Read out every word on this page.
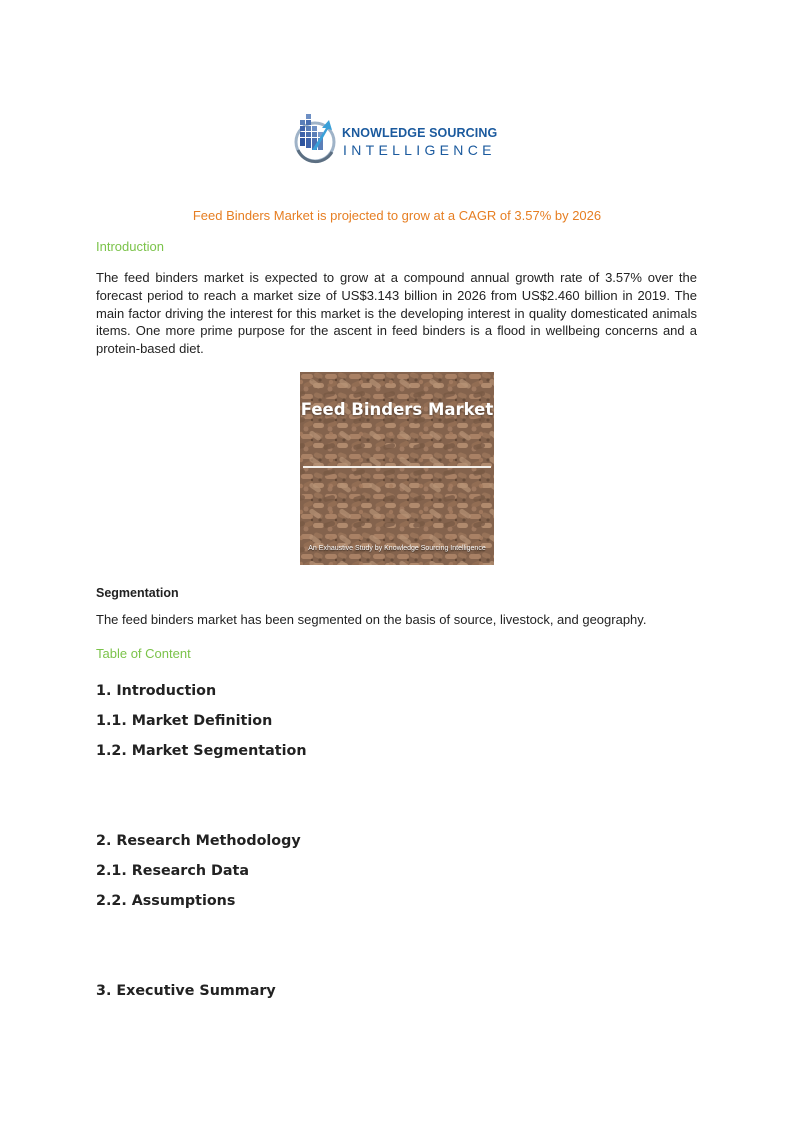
KNOWLEDGE SOURCING
INTELLIGENCE
Feed Binders Market is projected to grow at a CAGR of 3.57% by 2026
Introduction

The feed binders market is expected to grow at a compound annual growth rate of 3.57% over the forecast period to reach a market size of US$3.143 billion in 2026 from US$2.460 billion in 2019. The main factor driving the interest for this market is the developing interest in quality domesticated animals items. One more prime purpose for the ascent in feed binders is a flood in wellbeing concerns and a protein-based diet.

Feed Binders Market
An Exhaustive Study by Knowledge Sourcing Intelligence
Segmentation

The feed binders market has been segmented on the basis of source, livestock, and geography.

Table of Content
1. Introduction
1.1. Market Definition
1.2. Market Segmentation
2. Research Methodology
2.1. Research Data
2.2. Assumptions
3. Executive Summary
